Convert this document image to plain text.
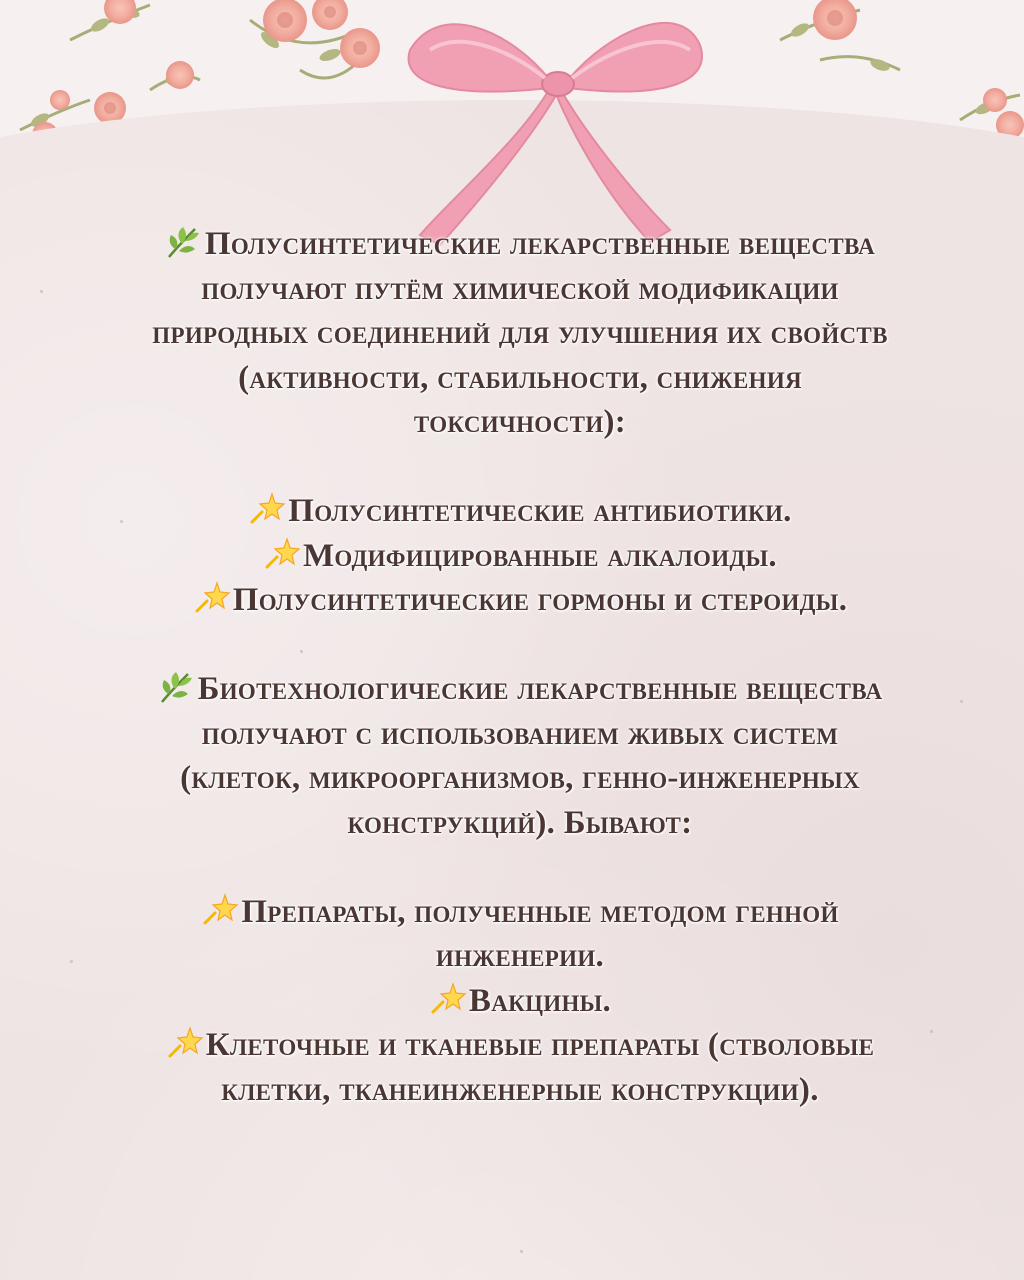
Полусинтетические лекарственные вещества получают путём химической модификации природных соединений для улучшения их свойств (активности, стабильности, снижения токсичности):

Полусинтетические антибиотики.

Модифицированные алкалоиды.

Полусинтетические гормоны и стероиды.

Биотехнологические лекарственные вещества получают с использованием живых систем (клеток, микроорганизмов, генно-инженерных конструкций). Бывают:

Препараты, полученные методом генной инженерии.

Вакцины.

Клеточные и тканевые препараты (стволовые клетки, тканеинженерные конструкции).
